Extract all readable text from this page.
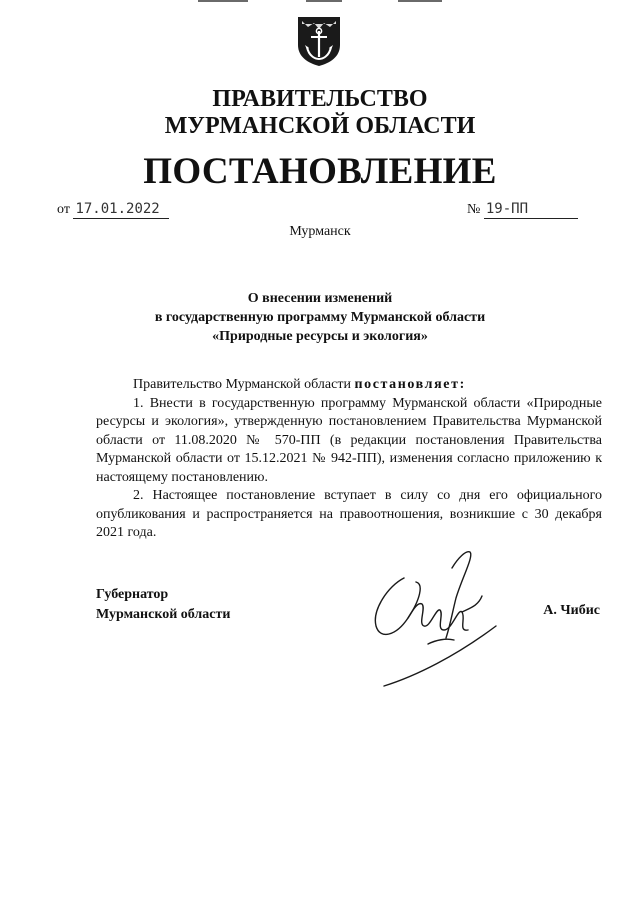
ПРАВИТЕЛЬСТВО
МУРМАНСКОЙ ОБЛАСТИ
ПОСТАНОВЛЕНИЕ
от 17.01.2022	№ 19-ПП
Мурманск
О внесении изменений
в государственную программу Мурманской области
«Природные ресурсы и экология»

Правительство Мурманской области постановляет:

1. Внести в государственную программу Мурманской области «Природные ресурсы и экология», утвержденную постановлением Правительства Мурманской области от 11.08.2020 № 570-ПП (в редакции постановления Правительства Мурманской области от 15.12.2021 № 942-ПП), изменения согласно приложению к настоящему постановлению.

2. Настоящее постановление вступает в силу со дня его официального опубликования и распространяется на правоотношения, возникшие с 30 декабря 2021 года.

Губернатор
Мурманской области	А. Чибис
